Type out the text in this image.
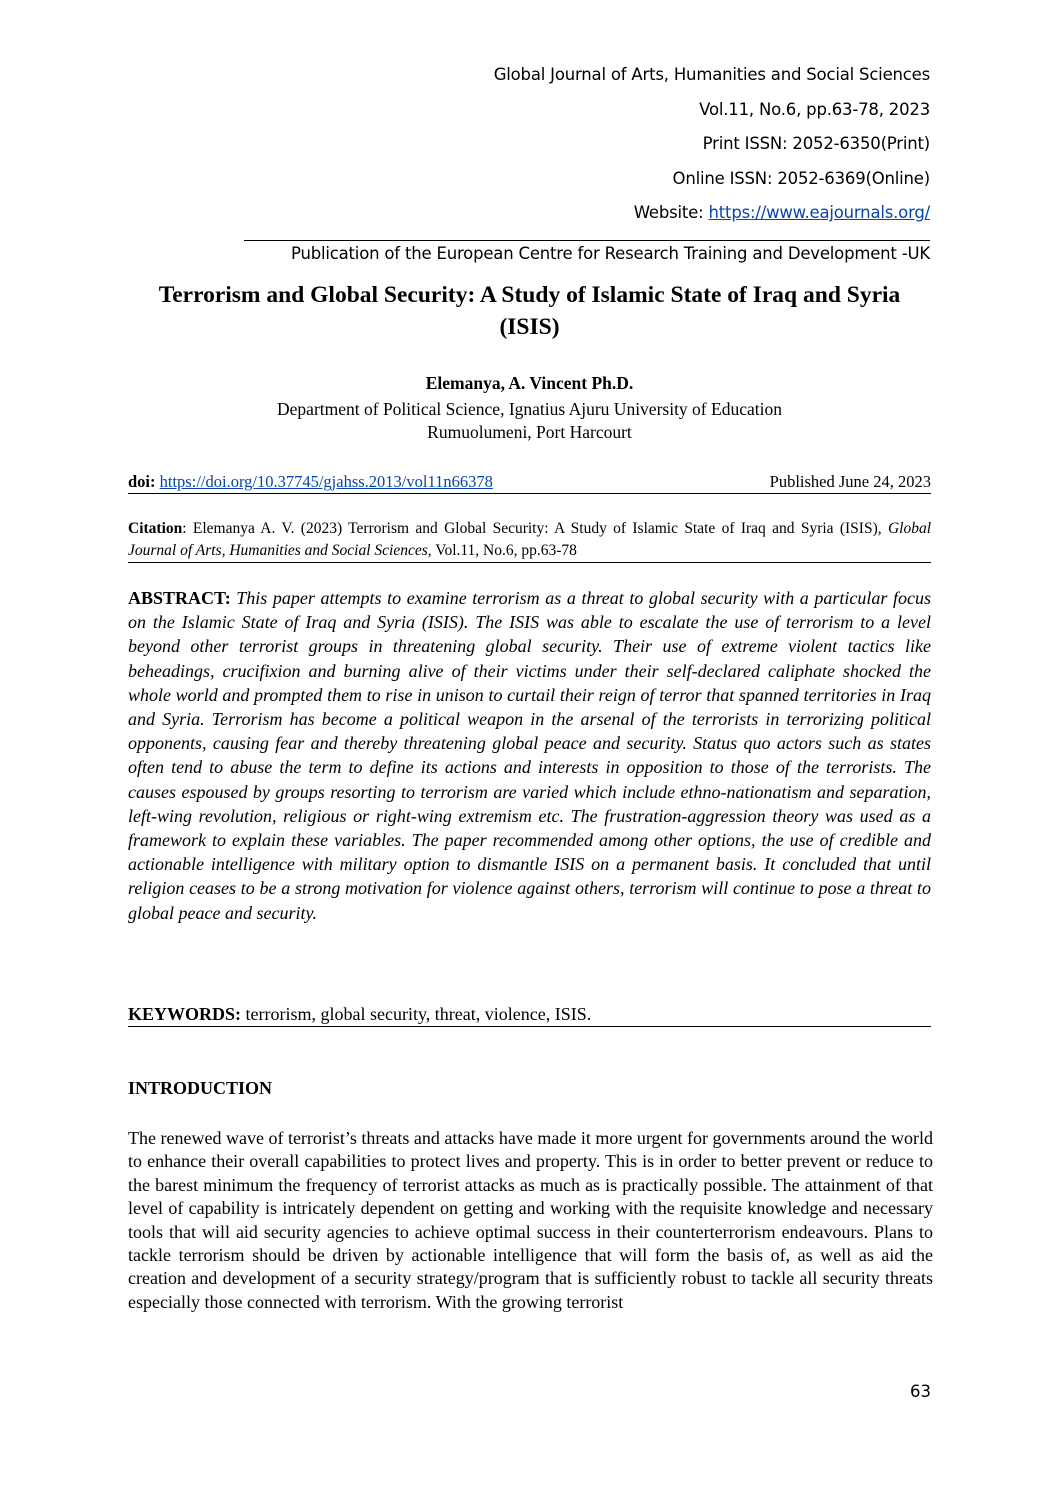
Global Journal of Arts, Humanities and Social Sciences
Vol.11, No.6, pp.63-78, 2023
Print ISSN: 2052-6350(Print)
Online ISSN: 2052-6369(Online)
Website: https://www.eajournals.org/
Publication of the European Centre for Research Training and Development -UK
Terrorism and Global Security: A Study of Islamic State of Iraq and Syria (ISIS)
Elemanya, A. Vincent Ph.D.
Department of Political Science, Ignatius Ajuru University of Education
Rumuolumeni, Port Harcourt
doi: https://doi.org/10.37745/gjahss.2013/vol11n66378	Published June 24, 2023
Citation: Elemanya A. V. (2023) Terrorism and Global Security: A Study of Islamic State of Iraq and Syria (ISIS), Global Journal of Arts, Humanities and Social Sciences, Vol.11, No.6, pp.63-78
ABSTRACT: This paper attempts to examine terrorism as a threat to global security with a particular focus on the Islamic State of Iraq and Syria (ISIS). The ISIS was able to escalate the use of terrorism to a level beyond other terrorist groups in threatening global security. Their use of extreme violent tactics like beheadings, crucifixion and burning alive of their victims under their self-declared caliphate shocked the whole world and prompted them to rise in unison to curtail their reign of terror that spanned territories in Iraq and Syria. Terrorism has become a political weapon in the arsenal of the terrorists in terrorizing political opponents, causing fear and thereby threatening global peace and security. Status quo actors such as states often tend to abuse the term to define its actions and interests in opposition to those of the terrorists. The causes espoused by groups resorting to terrorism are varied which include ethno-nationatism and separation, left-wing revolution, religious or right-wing extremism etc. The frustration-aggression theory was used as a framework to explain these variables. The paper recommended among other options, the use of credible and actionable intelligence with military option to dismantle ISIS on a permanent basis. It concluded that until religion ceases to be a strong motivation for violence against others, terrorism will continue to pose a threat to global peace and security.
KEYWORDS: terrorism, global security, threat, violence, ISIS.
INTRODUCTION
The renewed wave of terrorist’s threats and attacks have made it more urgent for governments around the world to enhance their overall capabilities to protect lives and property. This is in order to better prevent or reduce to the barest minimum the frequency of terrorist attacks as much as is practically possible. The attainment of that level of capability is intricately dependent on getting and working with the requisite knowledge and necessary tools that will aid security agencies to achieve optimal success in their counterterrorism endeavours. Plans to tackle terrorism should be driven by actionable intelligence that will form the basis of, as well as aid the creation and development of a security strategy/program that is sufficiently robust to tackle all security threats especially those connected with terrorism. With the growing terrorist
63
